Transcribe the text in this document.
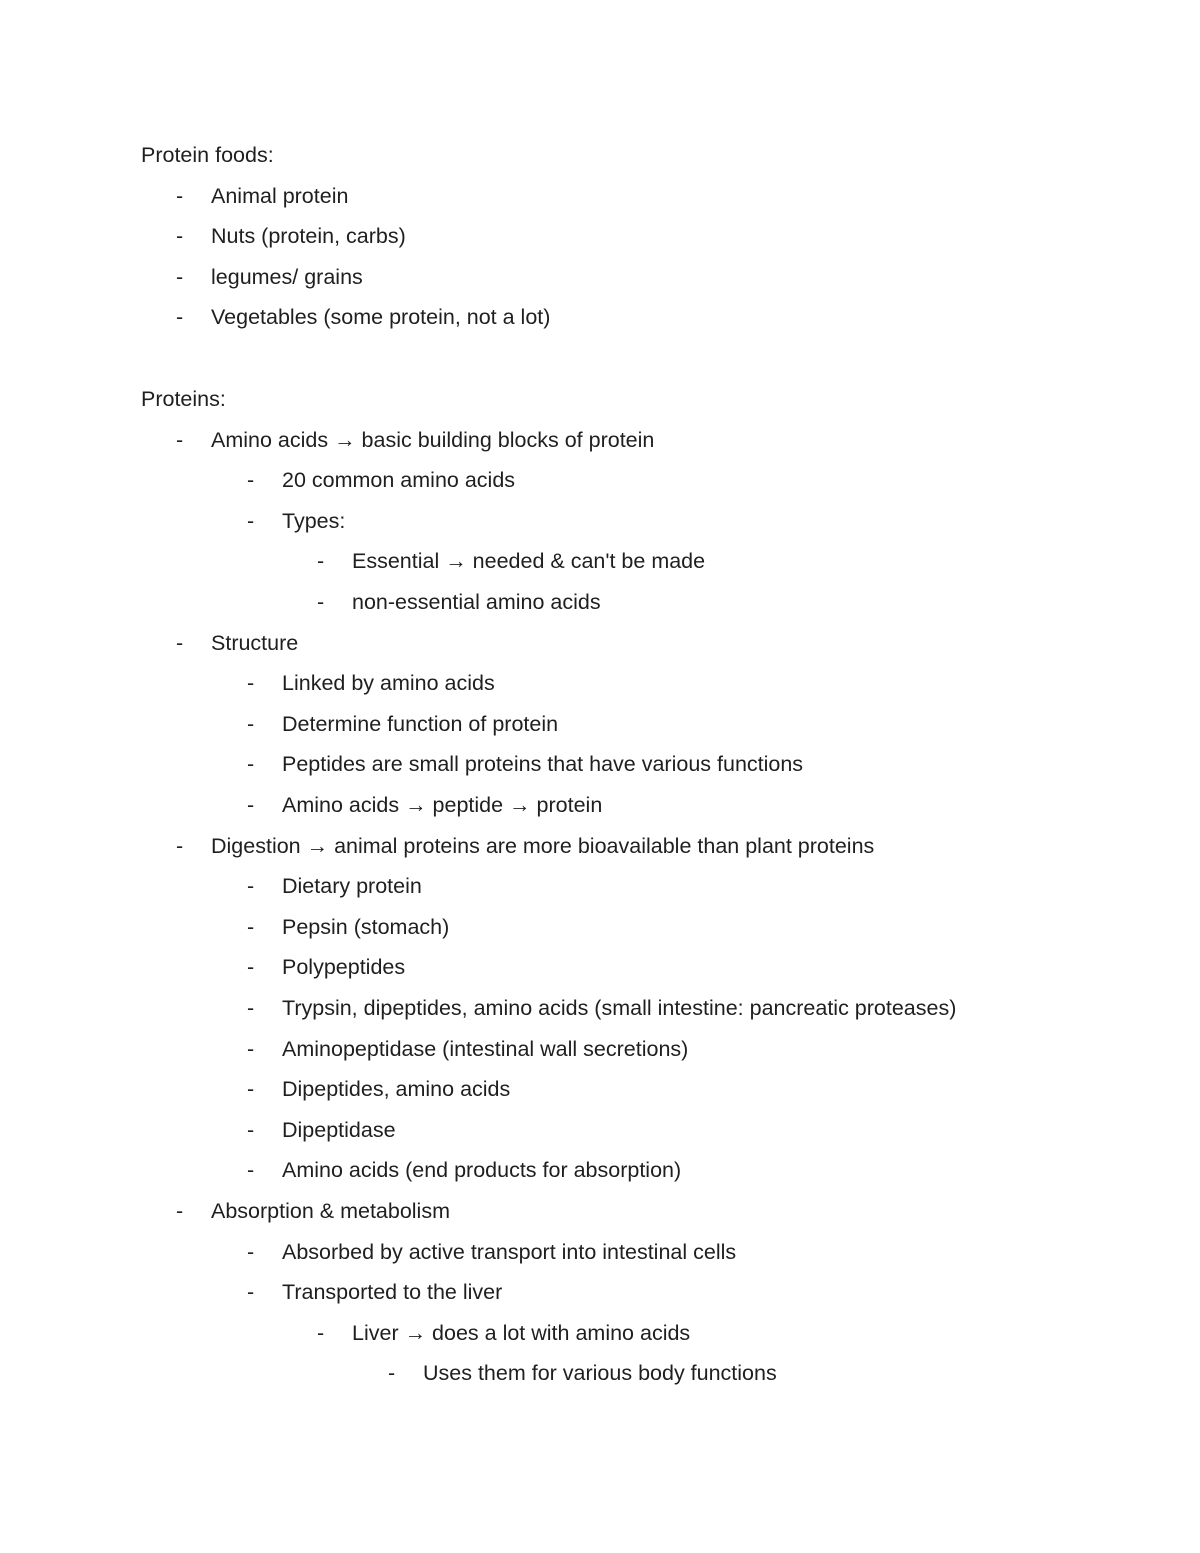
Protein foods:
- Animal protein
- Nuts (protein, carbs)
- legumes/ grains
- Vegetables (some protein, not a lot)
Proteins:
- Amino acids → basic building blocks of protein
- 20 common amino acids
- Types:
- Essential → needed & can't be made
- non-essential amino acids
- Structure
- Linked by amino acids
- Determine function of protein
- Peptides are small proteins that have various functions
- Amino acids → peptide → protein
- Digestion → animal proteins are more bioavailable than plant proteins
- Dietary protein
- Pepsin (stomach)
- Polypeptides
- Trypsin, dipeptides, amino acids (small intestine: pancreatic proteases)
- Aminopeptidase (intestinal wall secretions)
- Dipeptides, amino acids
- Dipeptidase
- Amino acids (end products for absorption)
- Absorption & metabolism
- Absorbed by active transport into intestinal cells
- Transported to the liver
- Liver → does a lot with amino acids
- Uses them for various body functions
